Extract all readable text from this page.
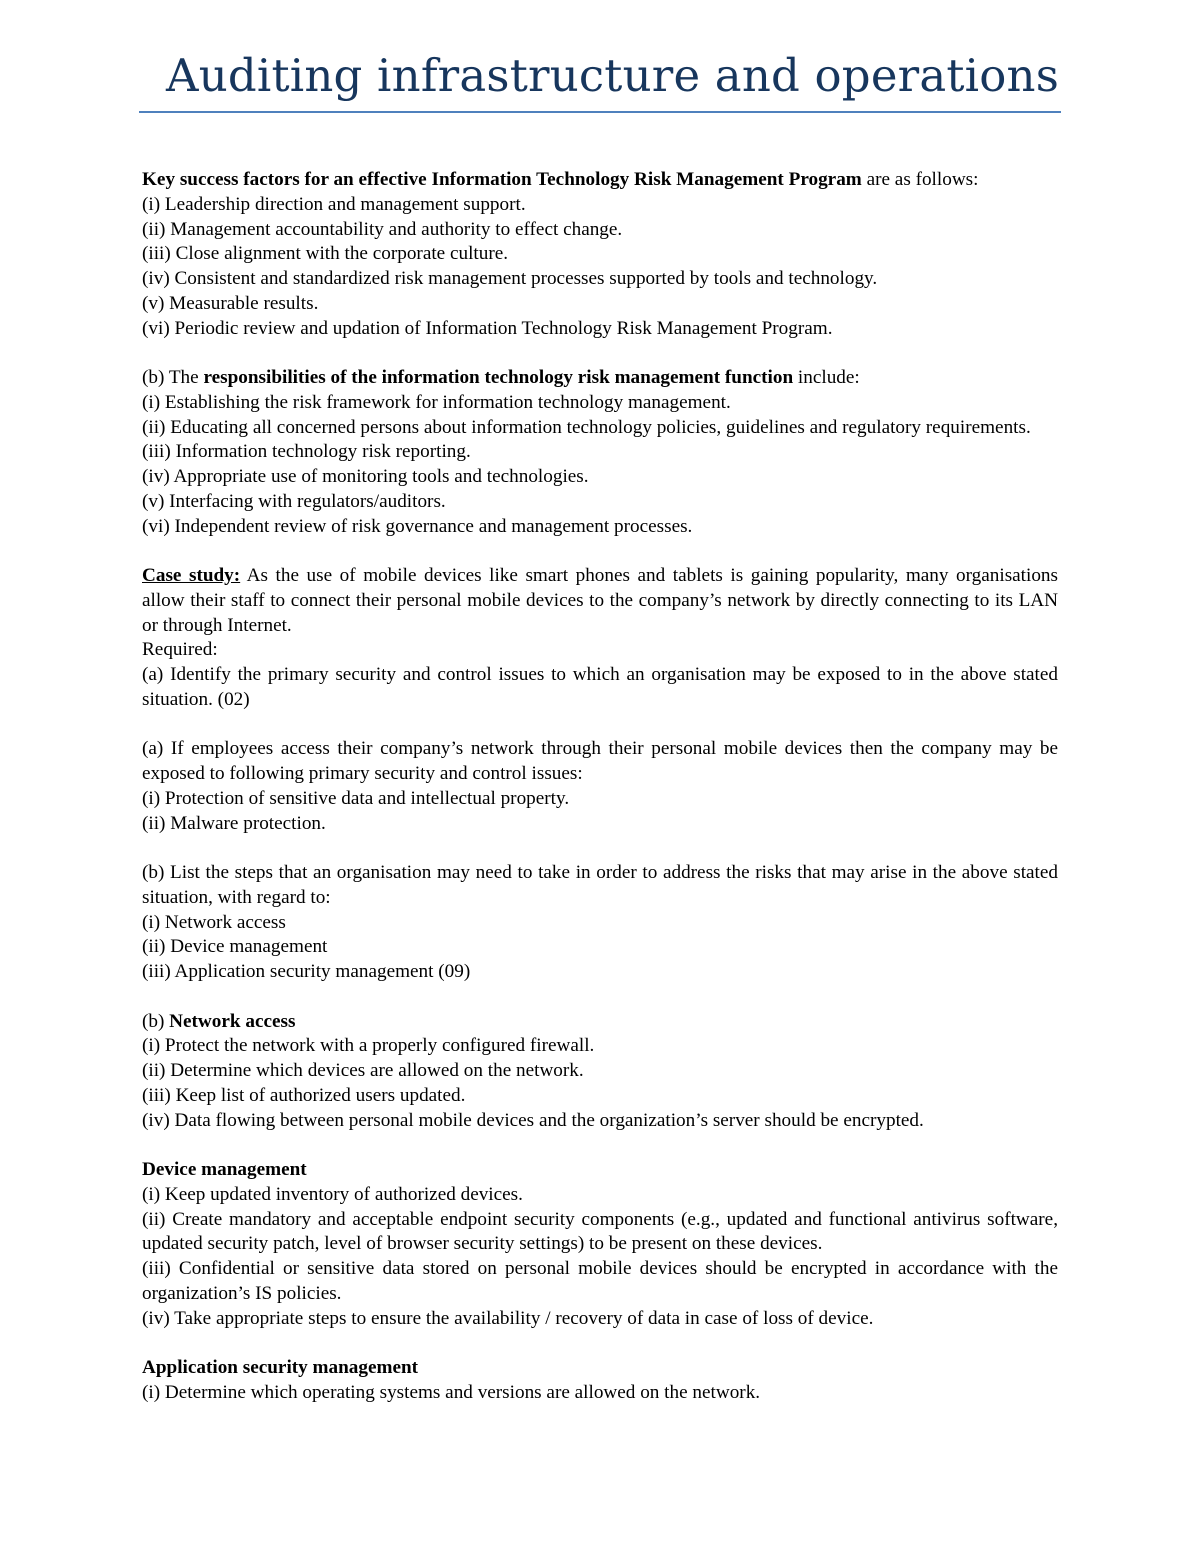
Auditing infrastructure and operations

Key success factors for an effective Information Technology Risk Management Program are as follows:

(i) Leadership direction and management support.

(ii) Management accountability and authority to effect change.

(iii) Close alignment with the corporate culture.

(iv) Consistent and standardized risk management processes supported by tools and technology.

(v) Measurable results.

(vi) Periodic review and updation of Information Technology Risk Management Program.

(b) The responsibilities of the information technology risk management function include:

(i) Establishing the risk framework for information technology management.

(ii) Educating all concerned persons about information technology policies, guidelines and regulatory requirements.

(iii) Information technology risk reporting.

(iv) Appropriate use of monitoring tools and technologies.

(v) Interfacing with regulators/auditors.

(vi) Independent review of risk governance and management processes.

Case study: As the use of mobile devices like smart phones and tablets is gaining popularity, many organisations allow their staff to connect their personal mobile devices to the company’s network by directly connecting to its LAN or through Internet.

Required:

(a) Identify the primary security and control issues to which an organisation may be exposed to in the above stated situation. (02)

(a) If employees access their company’s network through their personal mobile devices then the company may be exposed to following primary security and control issues:

(i) Protection of sensitive data and intellectual property.

(ii) Malware protection.

(b) List the steps that an organisation may need to take in order to address the risks that may arise in the above stated situation, with regard to:

(i) Network access

(ii) Device management

(iii) Application security management (09)

(b) Network access

(i) Protect the network with a properly configured firewall.

(ii) Determine which devices are allowed on the network.

(iii) Keep list of authorized users updated.

(iv) Data flowing between personal mobile devices and the organization’s server should be encrypted.

Device management

(i) Keep updated inventory of authorized devices.

(ii) Create mandatory and acceptable endpoint security components (e.g., updated and functional antivirus software, updated security patch, level of browser security settings) to be present on these devices.

(iii) Confidential or sensitive data stored on personal mobile devices should be encrypted in accordance with the organization’s IS policies.

(iv) Take appropriate steps to ensure the availability / recovery of data in case of loss of device.

Application security management

(i) Determine which operating systems and versions are allowed on the network.
